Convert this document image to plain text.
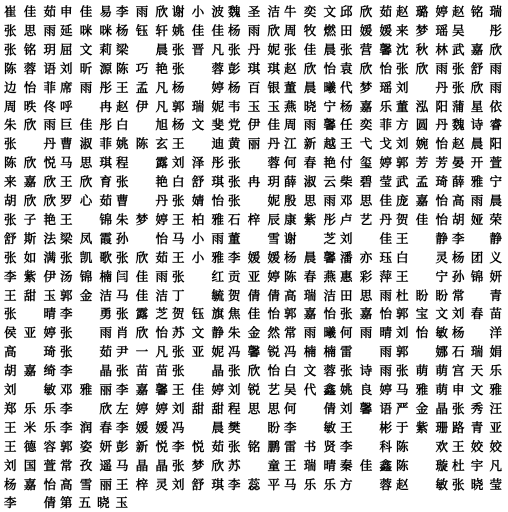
崔佳茹 申佳易 李雨欣 谢小波 魏圣洁 牛奕文 邱欣茹 赵璐婷 赵铭瑞
张思雨 延咪咪 杨钰轩 姚佳佳 杨雨欣 周牧燃 田媛媛 来梦瑶 吴彤
张铭玥 屈文莉 梁晨 张晋凡 张丹妮 张佳晨 张营馨 沈秋林 武嘉欣
陈蓉语 刘昕源 陈巧艳 张蓉 彭琪琪 赵欣怡 袁欣怡 张欣雨 张舒雨
边怡菲 席雨彤 王孟凡 杨婷 杨百银 董晨曦 代梦瑶 刘丹 张欣雨
周昳佟 呼冉 赵伊凡 郭瑞妮 韦玉玉 燕晓宁 杨嘉乐 董泓阳 蒲星依
朱欣雨 巨佳彤 白旭 杨文斐 党伊佳 周雨馨 任奕菲 方圆丹 魏诗睿
张丹 曹淑菲 姚陈玄 王迪 黄丽丹 江新越 王弋戈 刘婉怡 赵晨阳
陈欣悦 马思琪 程露 刘泽彤 张蓉 何春艳 付玺婷 郭芳芳 晏开萱
来嘉欣 王欣育 张艳 白舒琪 张冉玥 薛淑云 柴碧莹 武孟琦 薛雅宁
胡欣欣 罗心茹 曹丹 张婧怡 张妮 殷思雨 邓思佳 庞嘉怡 高雨晨
张子艳 王锦 朱梦婷 王柏雅 石梓辰 康紫彤 卢艺丹 贺佳怡 胡娅荣
舒斯法 梁凤霞 孙怡 马小雨 董雪 谢芝 刘佳 王静 李静
张如满 张凯歌 张欣茹 王小雅 李媛媛 杨晨馨 潘亦珏 白灵 杨团义
李紫伊 汤锦楠 闫佳雨 张红 贡亚婷 陈春燕 惠彩萍 王宁 孙锦妍
王甜玉 郭金洁 马佳洁 丁毓 贺倩倩 高瑞洁 田思雨 杜盼盼 常青
张晴 李勇 张露芝 贺钰旗 焦佳怡 郭嘉怡 张嘉怡 郭宝文 刘春苗
侯亚婷 张雨 肖欣怡 苏文静 朱金然 常雨曦 何雨晴 刘怡敏 杨洋
高琦 张茹 尹一凡 张亚妮 冯馨锐 冯楠楠 雷雨 郭娜 石瑞娟
胡嘉绮 李晶 张苗苗 张晶 张欣怡 白文蓉 张诗雨 张萌萌 宫天乐
刘敏 邓雅丽 李嘉馨 王佳婷 刘锐艺 吴代鑫 姚良婷 马雅萌 申文雅
郑乐乐 李欣 左婷婷 刘甜甜 程思思 何倩 刘馨语 严金晶 张秀汪
王米乐 李润春 李媛媛 冯晨 樊盼 李敏 王彬 于紫珊 路青亚
王德容 郭姿妍 彭新悦 李悦茹 张铭鹏 雷书贤 李科 陈欢 王姣姣
刘国萱 常孜遥 马晶晶 张梦欣 苏童 王瑞晴 秦佳鑫 陈璇 杜宇凡
杨嘉怡 高雪丽 王梓灵 刘舒琪 李蕊平 马乐乐 方蓉 赵敏 张晓莹
李倩 第五晓玉
